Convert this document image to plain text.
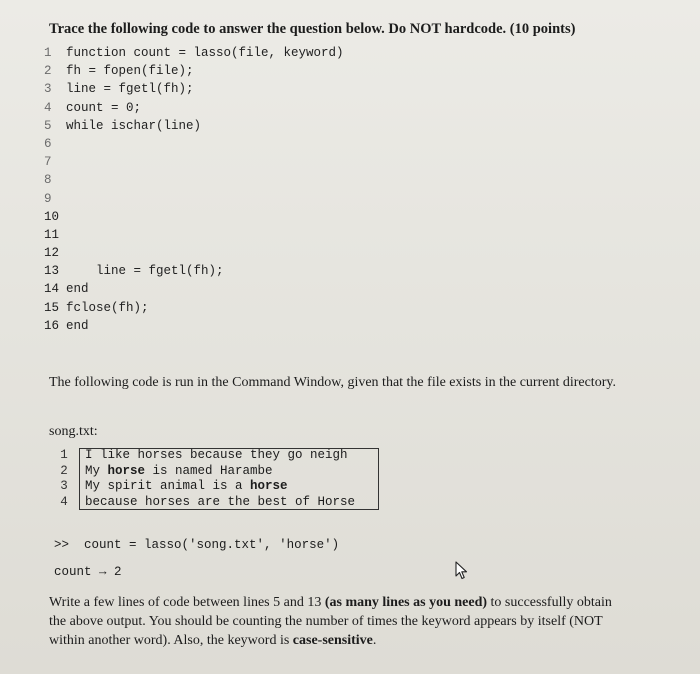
Trace the following code to answer the question below. Do NOT hardcode. (10 points)
1 function count = lasso(file, keyword)
2 fh = fopen(file);
3 line = fgetl(fh);
4 count = 0;
5 while ischar(line)
6
7
8
9
10
11
12
13    line = fgetl(fh);
14 end
15 fclose(fh);
16 end
The following code is run in the Command Window, given that the file exists in the current directory.
song.txt:
1	I like horses because they go neigh
2	My horse is named Harambe
3	My spirit animal is a horse
4	because horses are the best of Horse
>> count = lasso('song.txt', 'horse')
count → 2
Write a few lines of code between lines 5 and 13 (as many lines as you need) to successfully obtain the above output. You should be counting the number of times the keyword appears by itself (NOT within another word). Also, the keyword is case-sensitive.
